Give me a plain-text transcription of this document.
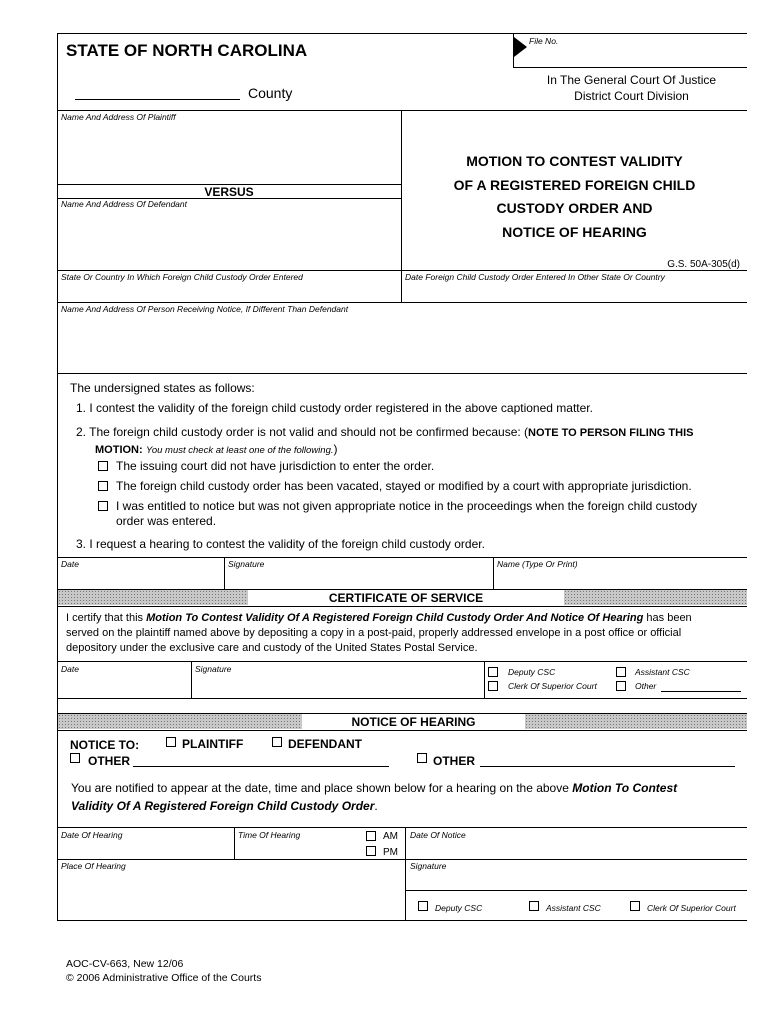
STATE OF NORTH CAROLINA
County
File No.
In The General Court Of Justice
District Court Division
Name And Address Of Plaintiff
VERSUS
Name And Address Of Defendant
MOTION TO CONTEST VALIDITY
OF A REGISTERED FOREIGN CHILD
CUSTODY ORDER AND
NOTICE OF HEARING
G.S. 50A-305(d)
State Or Country In Which Foreign Child Custody Order Entered	Date Foreign Child Custody Order Entered In Other State Or Country
Name And Address Of Person Receiving Notice, If Different Than Defendant
The undersigned states as follows:
1. I contest the validity of the foreign child custody order registered in the above captioned matter.
2. The foreign child custody order is not valid and should not be confirmed because: (NOTE TO PERSON FILING THIS
MOTION: You must check at least one of the following.)
The issuing court did not have jurisdiction to enter the order.
The foreign child custody order has been vacated, stayed or modified by a court with appropriate jurisdiction.
I was entitled to notice but was not given appropriate notice in the proceedings when the foreign child custody
order was entered.
3. I request a hearing to contest the validity of the foreign child custody order.
Date	Signature	Name (Type Or Print)
CERTIFICATE OF SERVICE
I certify that this Motion To Contest Validity Of A Registered Foreign Child Custody Order And Notice Of Hearing has been
served on the plaintiff named above by depositing a copy in a post-paid, properly addressed envelope in a post office or official
depository under the exclusive care and custody of the United States Postal Service.
Date	Signature	Deputy CSC	Assistant CSC
Clerk Of Superior Court	Other
NOTICE OF HEARING
NOTICE TO:	PLAINTIFF	DEFENDANT
OTHER	OTHER
You are notified to appear at the date, time and place shown below for a hearing on the above Motion To Contest
Validity Of A Registered Foreign Child Custody Order.
Date Of Hearing	Time Of Hearing	AM
PM
Date Of Notice
Place Of Hearing	Signature
Deputy CSC	Assistant CSC	Clerk Of Superior Court
AOC-CV-663, New 12/06
© 2006 Administrative Office of the Courts
